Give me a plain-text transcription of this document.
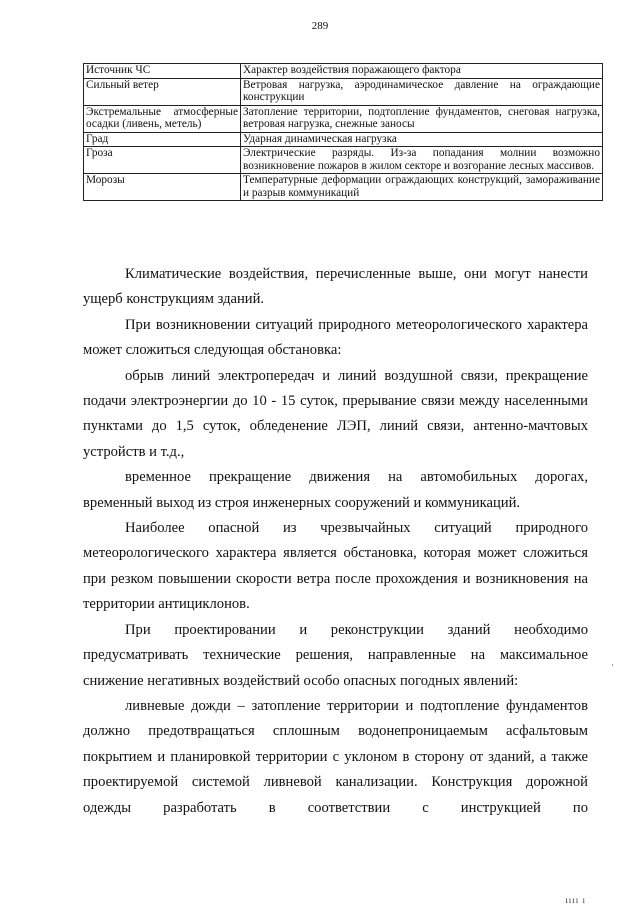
289
Источник ЧС	Характер воздействия поражающего фактора
Сильный ветер	Ветровая нагрузка, аэродинамическое давление на ограждающие конструкции
Экстремальные атмосферные осадки (ливень, метель)	Затопление территории, подтопление фундаментов, снеговая нагрузка, ветровая нагрузка, снежные заносы
Град	Ударная динамическая нагрузка
Гроза	Электрические разряды. Из-за попадания молнии возможно возникновение пожаров в жилом секторе и возгорание лесных массивов.
Морозы	Температурные деформации ограждающих конструкций, замораживание и разрыв коммуникаций

Климатические воздействия, перечисленные выше, они могут нанести ущерб конструкциям зданий.

При возникновении ситуаций природного метеорологического характера может сложиться следующая обстановка:

обрыв линий электропередач и линий воздушной связи, прекращение подачи электроэнергии до 10 - 15 суток, прерывание связи между населенными пунктами до 1,5 суток, обледенение ЛЭП, линий связи, антенно-мачтовых устройств и т.д.,

временное прекращение движения на автомобильных дорогах, временный выход из строя инженерных сооружений и коммуникаций.

Наиболее опасной из чрезвычайных ситуаций природного метеорологического характера является обстановка, которая может сложиться при резком повышении скорости ветра после прохождения и возникновения на территории антициклонов.

При проектировании и реконструкции зданий необходимо предусматривать технические решения, направленные на максимальное снижение негативных воздействий особо опасных погодных явлений:

ливневые дожди – затопление территории и подтопление фундаментов должно предотвращаться сплошным водонепроницаемым асфальтовым покрытием и планировкой территории с уклоном в сторону от зданий, а также проектируемой системой ливневой канализации. Конструкция дорожной одежды разработать в соответствии с инструкцией по

·
ıııı ı
